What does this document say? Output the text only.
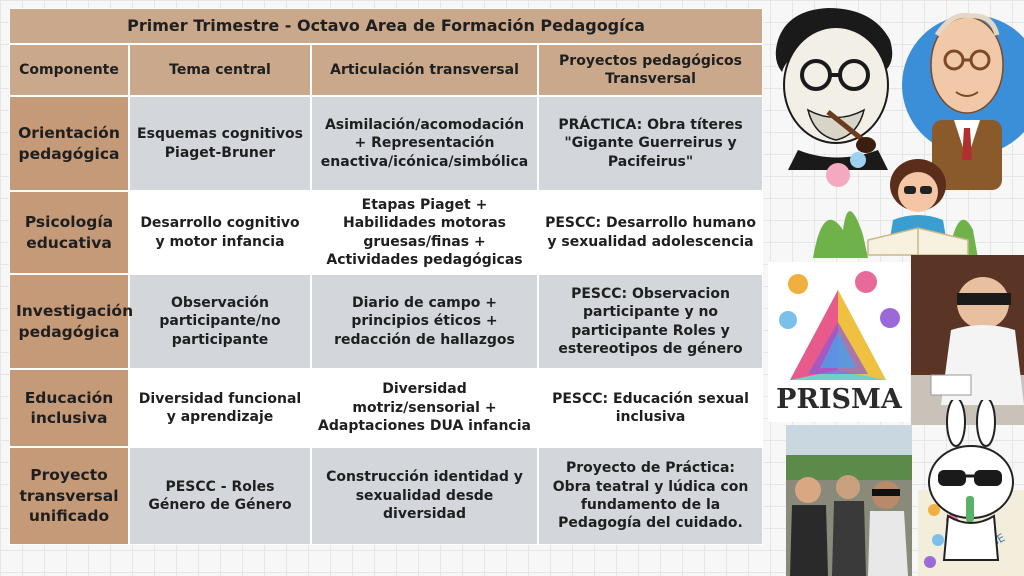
Primer Trimestre - Octavo Area de Formación Pedagogíca			
Componente	Tema central	Articulación transversal	Proyectos pedagógicos Transversal
Orientación pedagógica	Esquemas cognitivos Piaget-Bruner	Asimilación/acomodación + Representación enactiva/icónica/simbólica	PRÁCTICA: Obra títeres "Gigante Guerreirus y Pacifeirus"
Psicología educativa	Desarrollo cognitivo y motor infancia	Etapas Piaget + Habilidades motoras gruesas/finas + Actividades pedagógicas	PESCC: Desarrollo humano y sexualidad adolescencia
Investigación pedagógica	Observación participante/no participante	Diario de campo + principios éticos + redacción de hallazgos	PESCC: Observacion participante y no participante Roles y estereotipos de género
Educación inclusiva	Diversidad funcional y aprendizaje	Diversidad motriz/sensorial + Adaptaciones DUA infancia	PESCC: Educación sexual inclusiva
Proyecto transversal unificado	PESCC - Roles Género de Género	Construcción identidad y sexualidad desde diversidad	Proyecto de Práctica: Obra teatral y lúdica con fundamento de la Pedagogía del cuidado.
PRISMA
